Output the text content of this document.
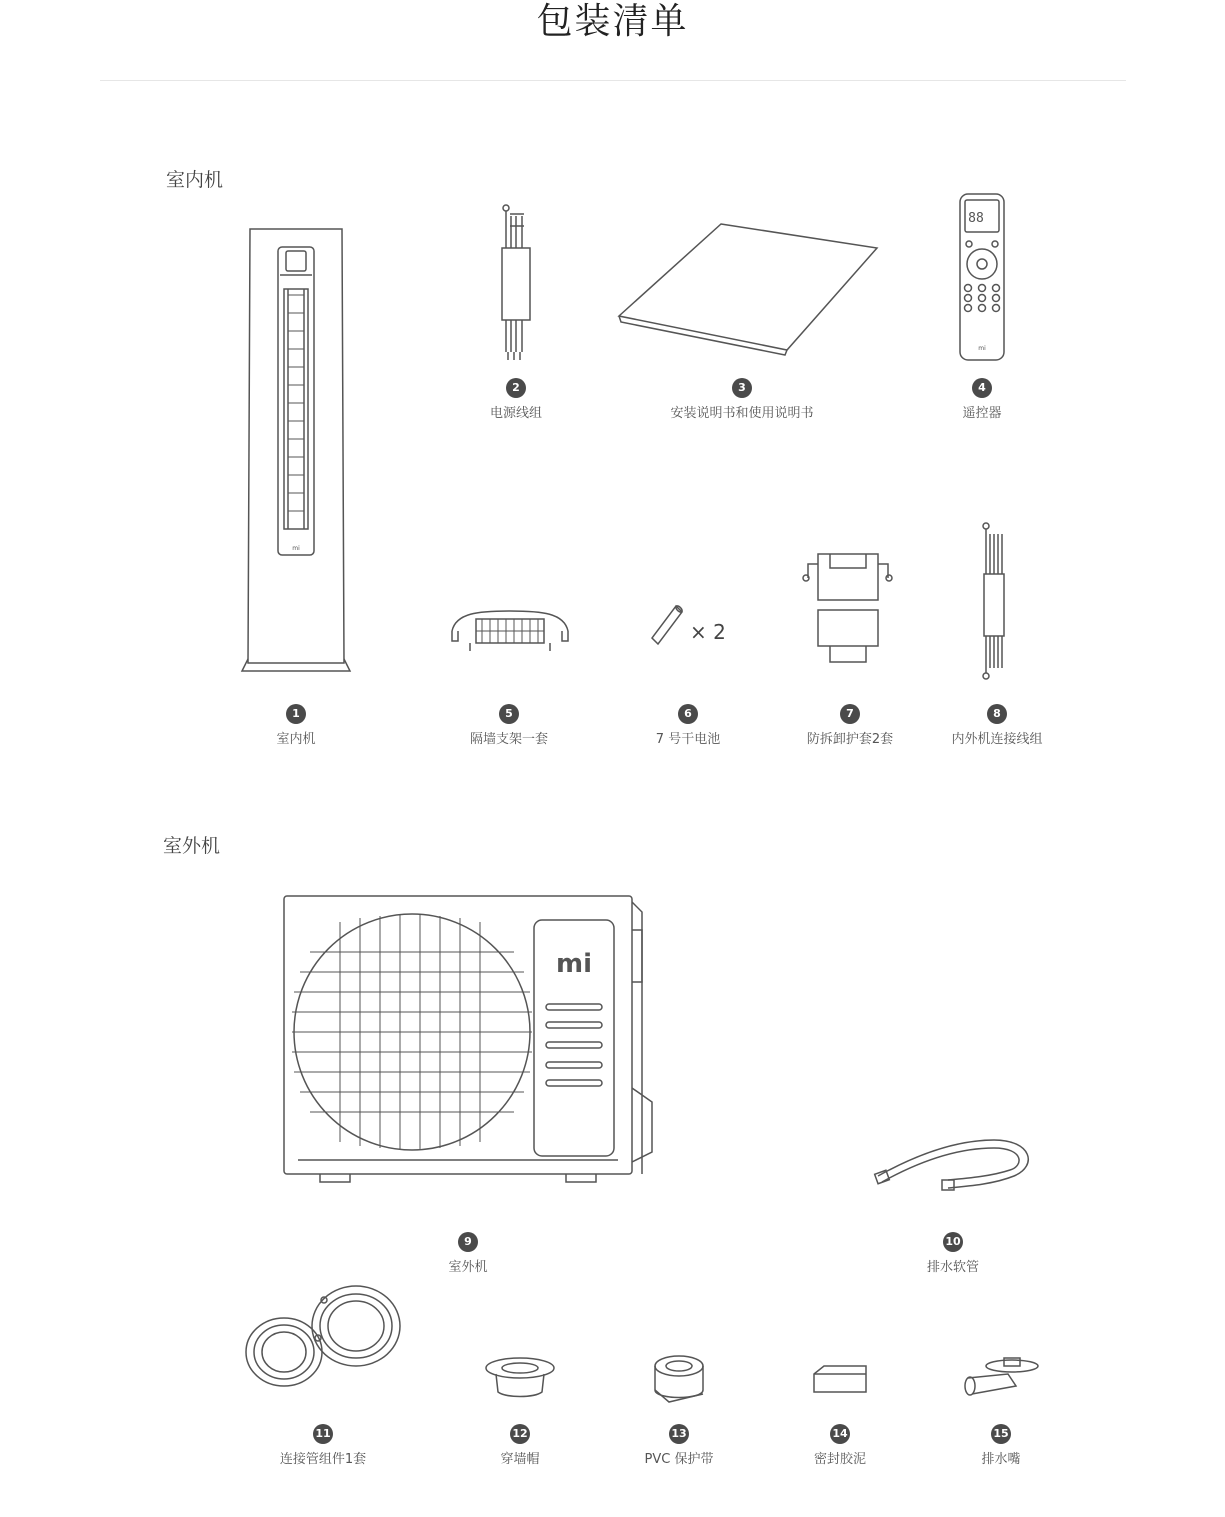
包装清单
室内机
室外机
mi
88
mi
× 2
mi
1
室内机
2
电源线组
3
安装说明书和使用说明书
4
遥控器
5
隔墙支架一套
6
7 号干电池
7
防拆卸护套2套
8
内外机连接线组
9
室外机
10
排水软管
11
连接管组件1套
12
穿墙帽
13
PVC 保护带
14
密封胶泥
15
排水嘴
